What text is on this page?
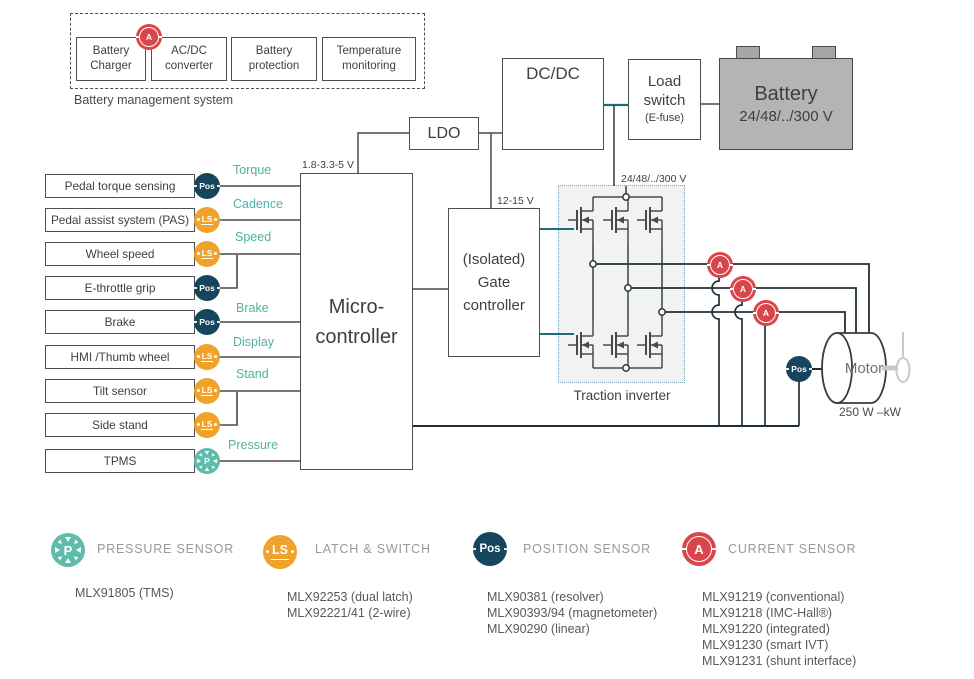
Battery Charger
AC/DC converter
Battery protection
Temperature monitoring
Battery management system
A
LDO
DC/DC	Load switch
(E-fuse)
Battery
24/48/../300 V
1.8-3.3-5 V
12-15 V
24/48/../300 V
Micro-
controller
(Isolated)
Gate
controller
Traction inverter
Pedal torque sensing
Pedal assist system (PAS)
Wheel speed
E-throttle grip
Brake
HMI /Thumb wheel
Tilt sensor
Side stand
TPMS
Pos
LS
LS
Pos
Pos
LS
LS
LS
P
Torque
Cadence
Speed
Brake
Display
Stand
Pressure
A
A
A
Pos	Motor
250 W –kW
P PRESSURE SENSOR
MLX91805 (TMS)
LS LATCH & SWITCH
MLX92253 (dual latch)
MLX92221/41 (2-wire)
Pos POSITION SENSOR
MLX90381 (resolver)
MLX90393/94 (magnetometer)
MLX90290 (linear)
A CURRENT SENSOR
MLX91219 (conventional)
MLX91218 (IMC-Hall®)
MLX91220 (integrated)
MLX91230 (smart IVT)
MLX91231 (shunt interface)
